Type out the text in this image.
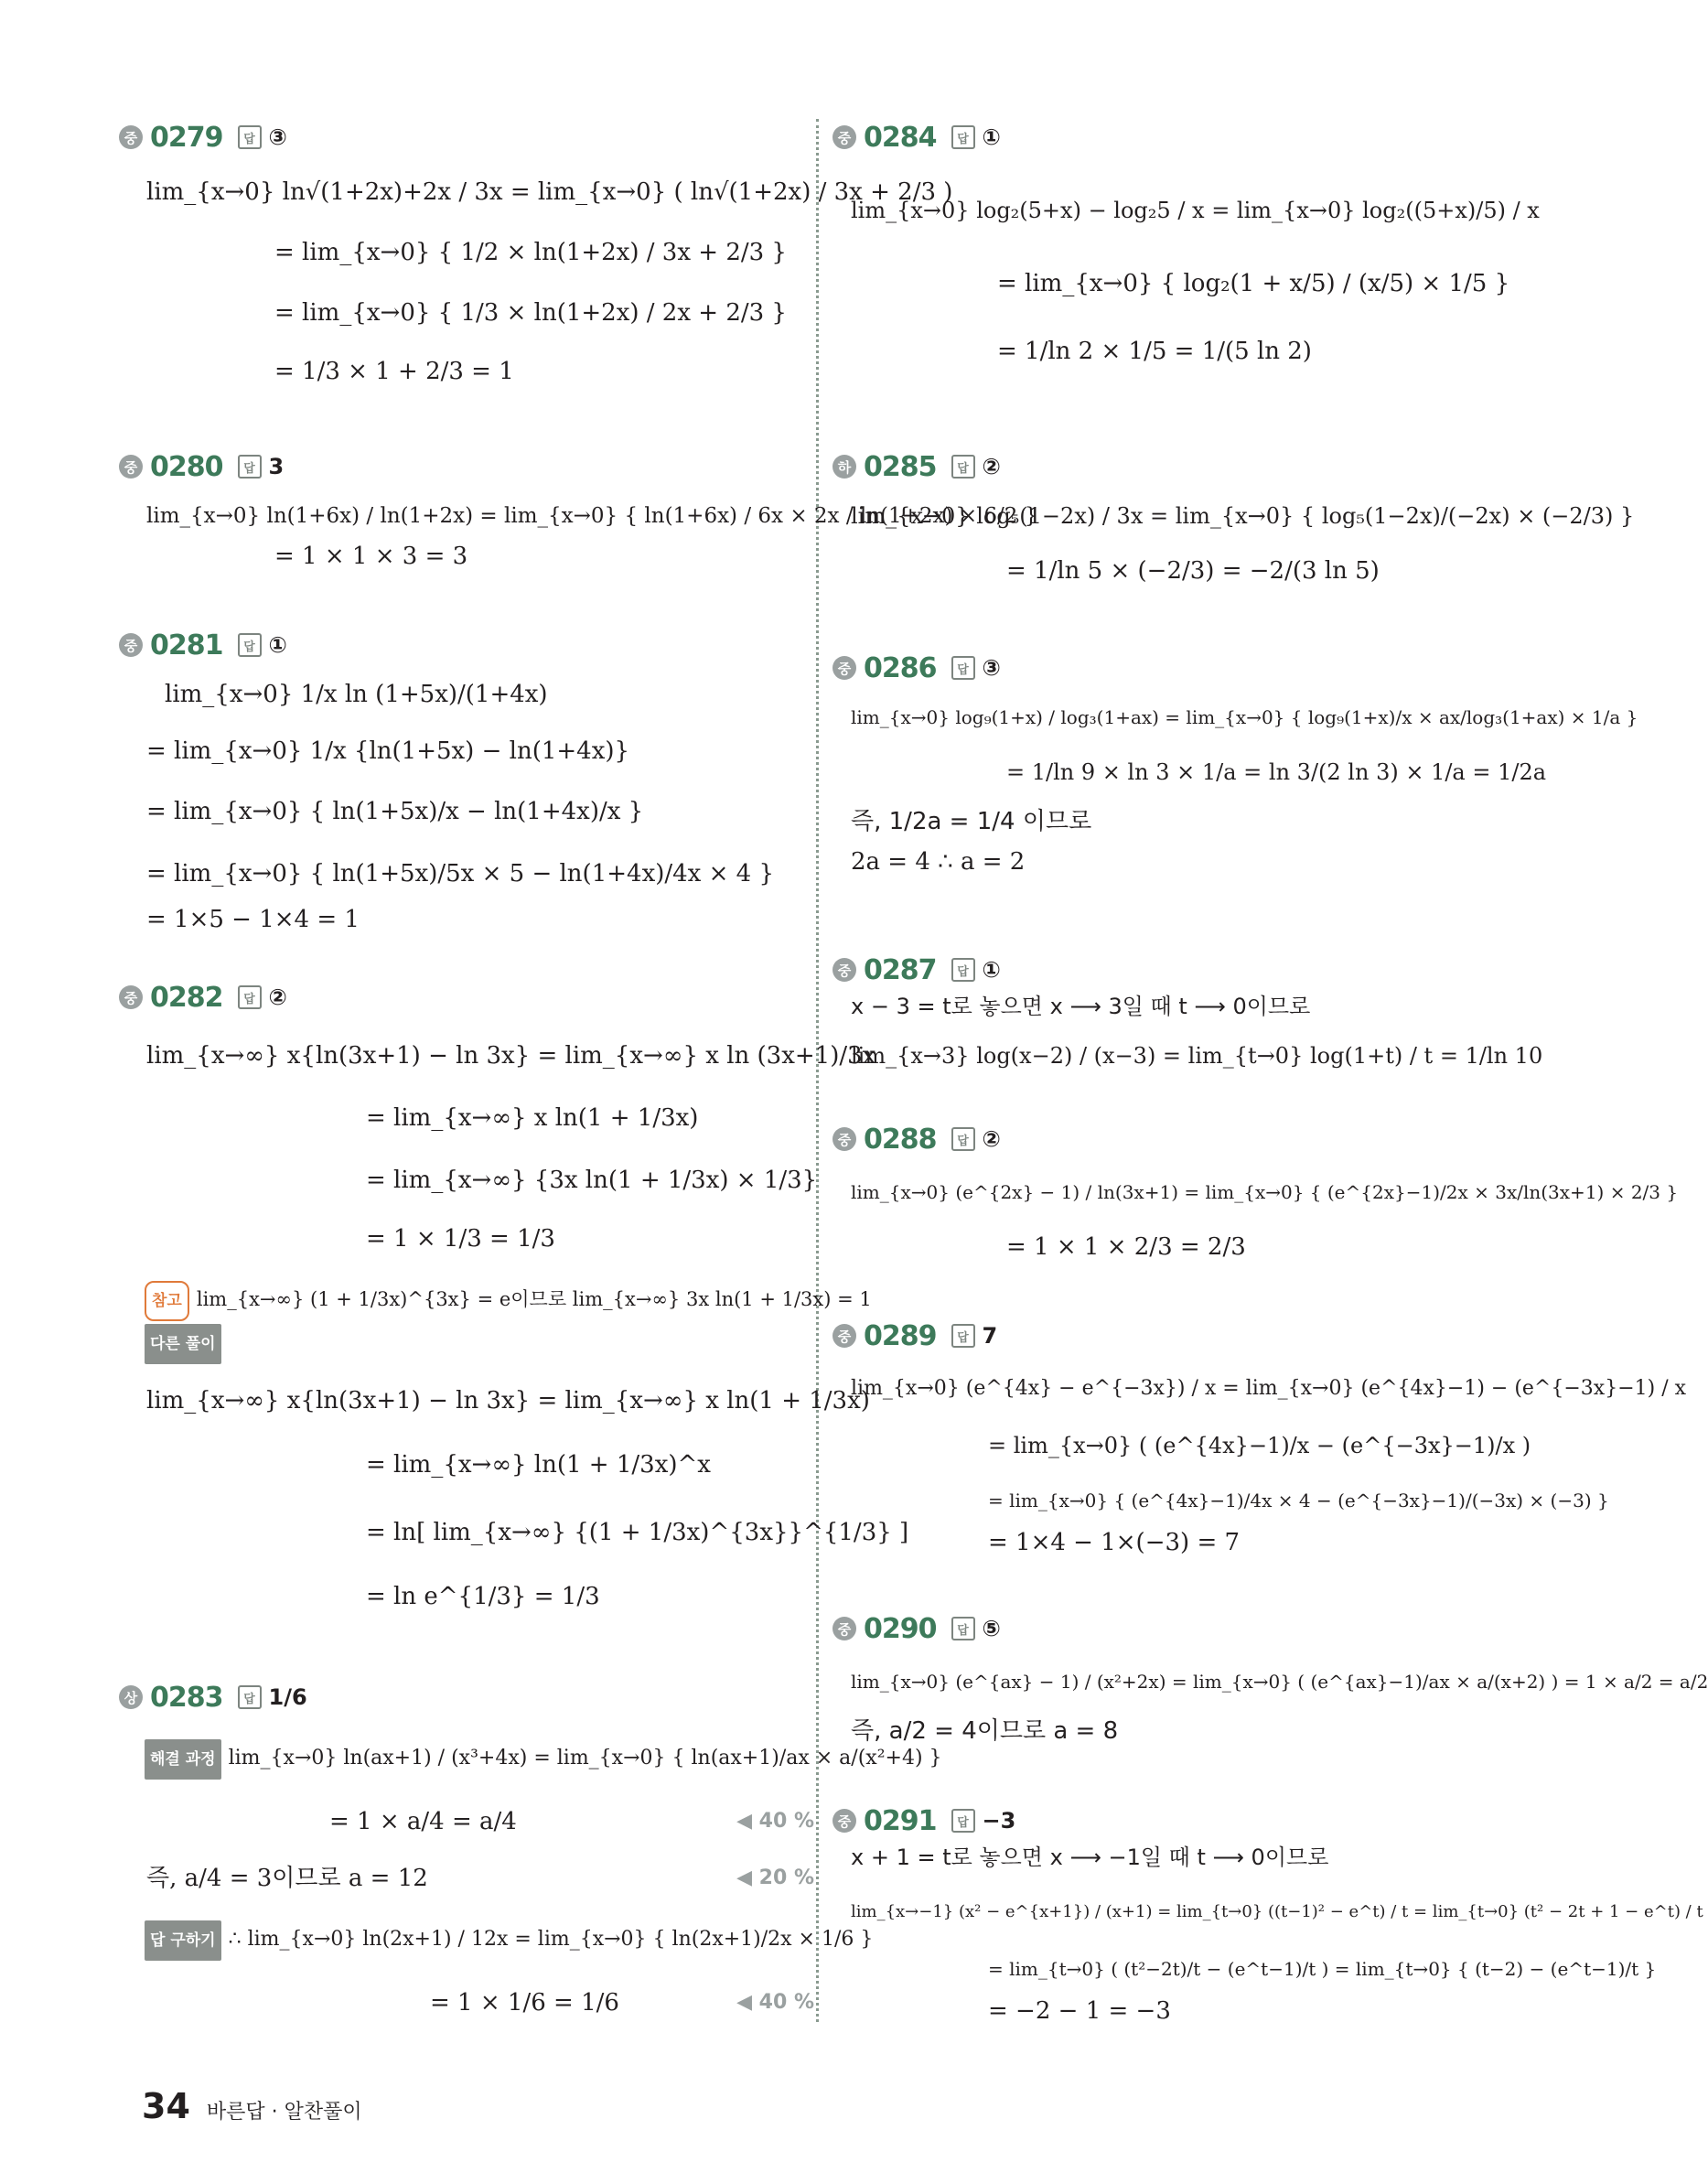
중 0279	답 ③
lim_{x→0} ln√(1+2x)+2x / 3x = lim_{x→0} ( ln√(1+2x) / 3x + 2/3 )
= lim_{x→0} { 1/2 × ln(1+2x) / 3x + 2/3 }
= lim_{x→0} { 1/3 × ln(1+2x) / 2x + 2/3 }
= 1/3 × 1 + 2/3 = 1
중 0280	답 3
lim_{x→0} ln(1+6x) / ln(1+2x) = lim_{x→0} { ln(1+6x) / 6x × 2x / ln(1+2x) × 6/2 }
= 1 × 1 × 3 = 3
중 0281	답 ①
lim_{x→0} 1/x ln (1+5x)/(1+4x)
= lim_{x→0} 1/x {ln(1+5x) − ln(1+4x)}
= lim_{x→0} { ln(1+5x)/x − ln(1+4x)/x }
= lim_{x→0} { ln(1+5x)/5x × 5 − ln(1+4x)/4x × 4 }
= 1×5 − 1×4 = 1
중 0282	답 ②
lim_{x→∞} x{ln(3x+1) − ln 3x} = lim_{x→∞} x ln (3x+1)/3x
= lim_{x→∞} x ln(1 + 1/3x)
= lim_{x→∞} {3x ln(1 + 1/3x) × 1/3}
= 1 × 1/3 = 1/3
참고 lim_{x→∞} (1 + 1/3x)^{3x} = e이므로 lim_{x→∞} 3x ln(1 + 1/3x) = 1
다른 풀이
lim_{x→∞} x{ln(3x+1) − ln 3x} = lim_{x→∞} x ln(1 + 1/3x)
= lim_{x→∞} ln(1 + 1/3x)^x
= ln[ lim_{x→∞} {(1 + 1/3x)^{3x}}^{1/3} ]
= ln e^{1/3} = 1/3
상 0283	답 1/6
해결 과정 lim_{x→0} ln(ax+1) / (x³+4x) = lim_{x→0} { ln(ax+1)/ax × a/(x²+4) }
= 1 × a/4 = a/4	◀ 40 %
즉, a/4 = 3이므로 a = 12	◀ 20 %
답 구하기 ∴ lim_{x→0} ln(2x+1) / 12x = lim_{x→0} { ln(2x+1)/2x × 1/6 }
= 1 × 1/6 = 1/6	◀ 40 %
중 0284	답 ①
lim_{x→0} log₂(5+x) − log₂5 / x = lim_{x→0} log₂((5+x)/5) / x
= lim_{x→0} { log₂(1 + x/5) / (x/5) × 1/5 }
= 1/ln 2 × 1/5 = 1/(5 ln 2)
하 0285	답 ②
lim_{x→0} log₅(1−2x) / 3x = lim_{x→0} { log₅(1−2x)/(−2x) × (−2/3) }
= 1/ln 5 × (−2/3) = −2/(3 ln 5)
중 0286	답 ③
lim_{x→0} log₉(1+x) / log₃(1+ax) = lim_{x→0} { log₉(1+x)/x × ax/log₃(1+ax) × 1/a }
= 1/ln 9 × ln 3 × 1/a = ln 3/(2 ln 3) × 1/a = 1/2a
즉, 1/2a = 1/4 이므로
2a = 4 ∴ a = 2
중 0287	답 ①
x − 3 = t로 놓으면 x ⟶ 3일 때 t ⟶ 0이므로
lim_{x→3} log(x−2) / (x−3) = lim_{t→0} log(1+t) / t = 1/ln 10
중 0288	답 ②
lim_{x→0} (e^{2x} − 1) / ln(3x+1) = lim_{x→0} { (e^{2x}−1)/2x × 3x/ln(3x+1) × 2/3 }
= 1 × 1 × 2/3 = 2/3
중 0289	답 7
lim_{x→0} (e^{4x} − e^{−3x}) / x = lim_{x→0} (e^{4x}−1) − (e^{−3x}−1) / x
= lim_{x→0} ( (e^{4x}−1)/x − (e^{−3x}−1)/x )
= lim_{x→0} { (e^{4x}−1)/4x × 4 − (e^{−3x}−1)/(−3x) × (−3) }
= 1×4 − 1×(−3) = 7
중 0290	답 ⑤
lim_{x→0} (e^{ax} − 1) / (x²+2x) = lim_{x→0} ( (e^{ax}−1)/ax × a/(x+2) ) = 1 × a/2 = a/2
즉, a/2 = 4이므로 a = 8
중 0291	답 −3
x + 1 = t로 놓으면 x ⟶ −1일 때 t ⟶ 0이므로
lim_{x→−1} (x² − e^{x+1}) / (x+1) = lim_{t→0} ((t−1)² − e^t) / t = lim_{t→0} (t² − 2t + 1 − e^t) / t
= lim_{t→0} ( (t²−2t)/t − (e^t−1)/t ) = lim_{t→0} { (t−2) − (e^t−1)/t }
= −2 − 1 = −3
34 바른답 · 알찬풀이
